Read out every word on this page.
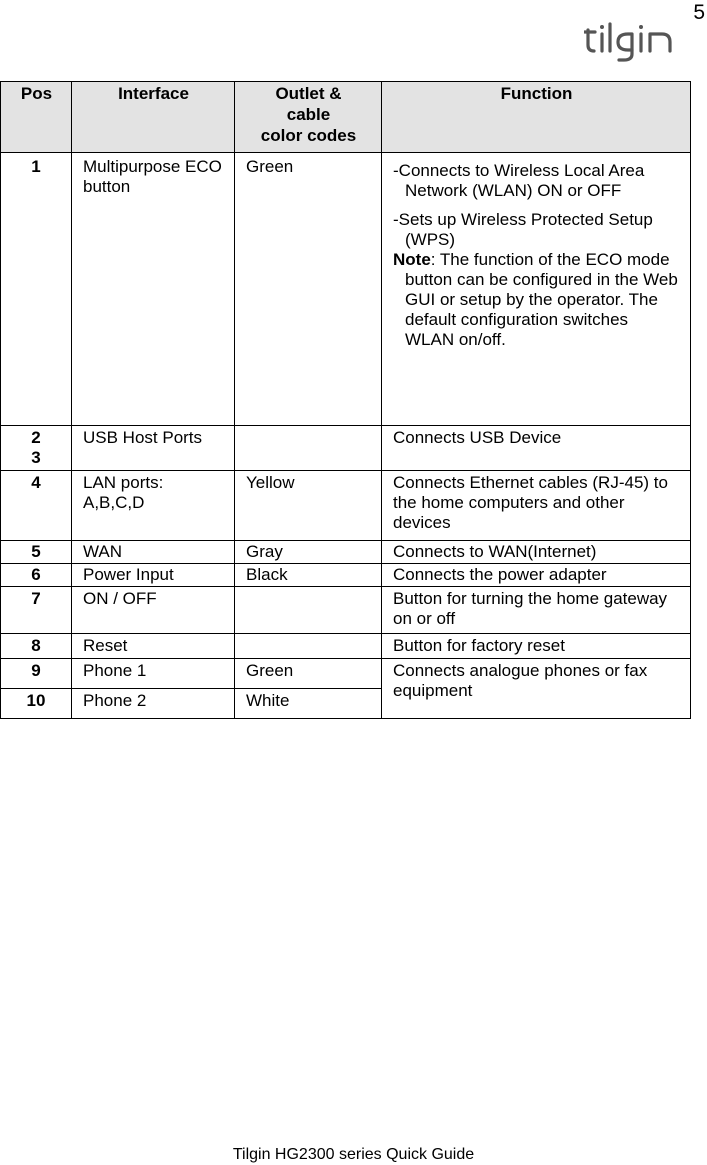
5
Pos	Interface	Outlet &
cable
color codes	Function
1	Multipurpose ECO button	Green	-Connects to Wireless Local Area Network (WLAN) ON or OFF

-Sets up Wireless Protected Setup (WPS)

Note: The function of the ECO mode button can be configured in the Web GUI or setup by the operator. The default configuration switches WLAN on/off.

2
3	USB Host Ports		Connects USB Device
4	LAN ports: A,B,C,D	Yellow	Connects Ethernet cables (RJ-45) to the home computers and other devices
5	WAN	Gray	Connects to WAN(Internet)
6	Power Input	Black	Connects the power adapter
7	ON / OFF		Button for turning the home gateway on or off
8	Reset		Button for factory reset
9	Phone 1	Green	Connects analogue phones or fax equipment
10	Phone 2	White	
Tilgin HG2300 series Quick Guide
